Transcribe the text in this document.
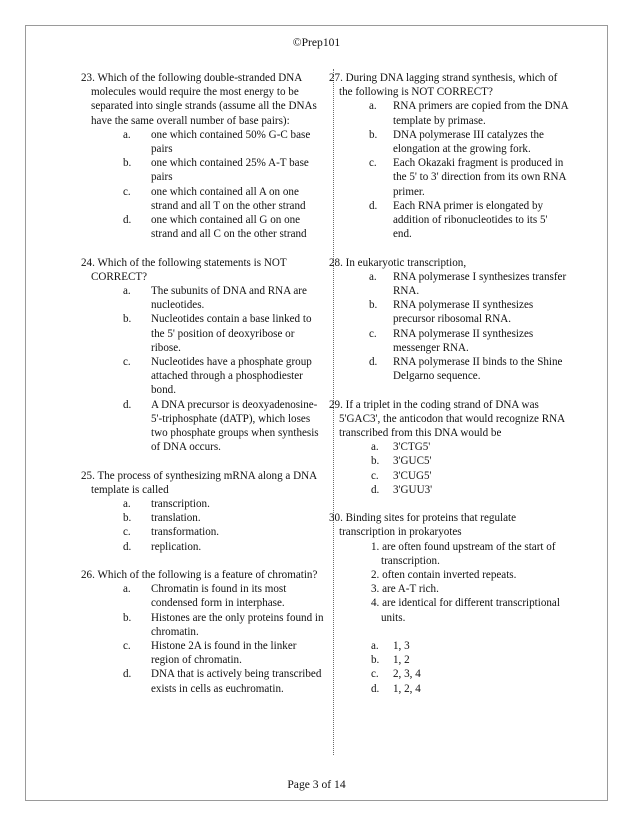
©Prep101
23. Which of the following double-stranded DNA molecules would require the most energy to be separated into single strands (assume all the DNAs have the same overall number of base pairs):
a. one which contained 50% G-C base pairs
b. one which contained 25% A-T base pairs
c. one which contained all A on one strand and all T on the other strand
d. one which contained all G on one strand and all C on the other strand
24. Which of the following statements is NOT CORRECT?
a. The subunits of DNA and RNA are nucleotides.
b. Nucleotides contain a base linked to the 5' position of deoxyribose or ribose.
c. Nucleotides have a phosphate group attached through a phosphodiester bond.
d. A DNA precursor is deoxyadenosine-5'-triphosphate (dATP), which loses two phosphate groups when synthesis of DNA occurs.
25. The process of synthesizing mRNA along a DNA template is called
a. transcription.
b. translation.
c. transformation.
d. replication.
26. Which of the following is a feature of chromatin?
a. Chromatin is found in its most condensed form in interphase.
b. Histones are the only proteins found in chromatin.
c. Histone 2A is found in the linker region of chromatin.
d. DNA that is actively being transcribed exists in cells as euchromatin.
27. During DNA lagging strand synthesis, which of the following is NOT CORRECT?
a. RNA primers are copied from the DNA template by primase.
b. DNA polymerase III catalyzes the elongation at the growing fork.
c. Each Okazaki fragment is produced in the 5' to 3' direction from its own RNA primer.
d. Each RNA primer is elongated by addition of ribonucleotides to its 5' end.
28. In eukaryotic transcription,
a. RNA polymerase I synthesizes transfer RNA.
b. RNA polymerase II synthesizes precursor ribosomal RNA.
c. RNA polymerase II synthesizes messenger RNA.
d. RNA polymerase II binds to the Shine Delgarno sequence.
29. If a triplet in the coding strand of DNA was 5'GAC3', the anticodon that would recognize RNA transcribed from this DNA would be
a. 3'CTG5'
b. 3'GUC5'
c. 3'CUG5'
d. 3'GUU3'
30. Binding sites for proteins that regulate transcription in prokaryotes
1. are often found upstream of the start of transcription.
2. often contain inverted repeats.
3. are A-T rich.
4. are identical for different transcriptional units.
a. 1, 3
b. 1, 2
c. 2, 3, 4
d. 1, 2, 4
Page 3 of 14
